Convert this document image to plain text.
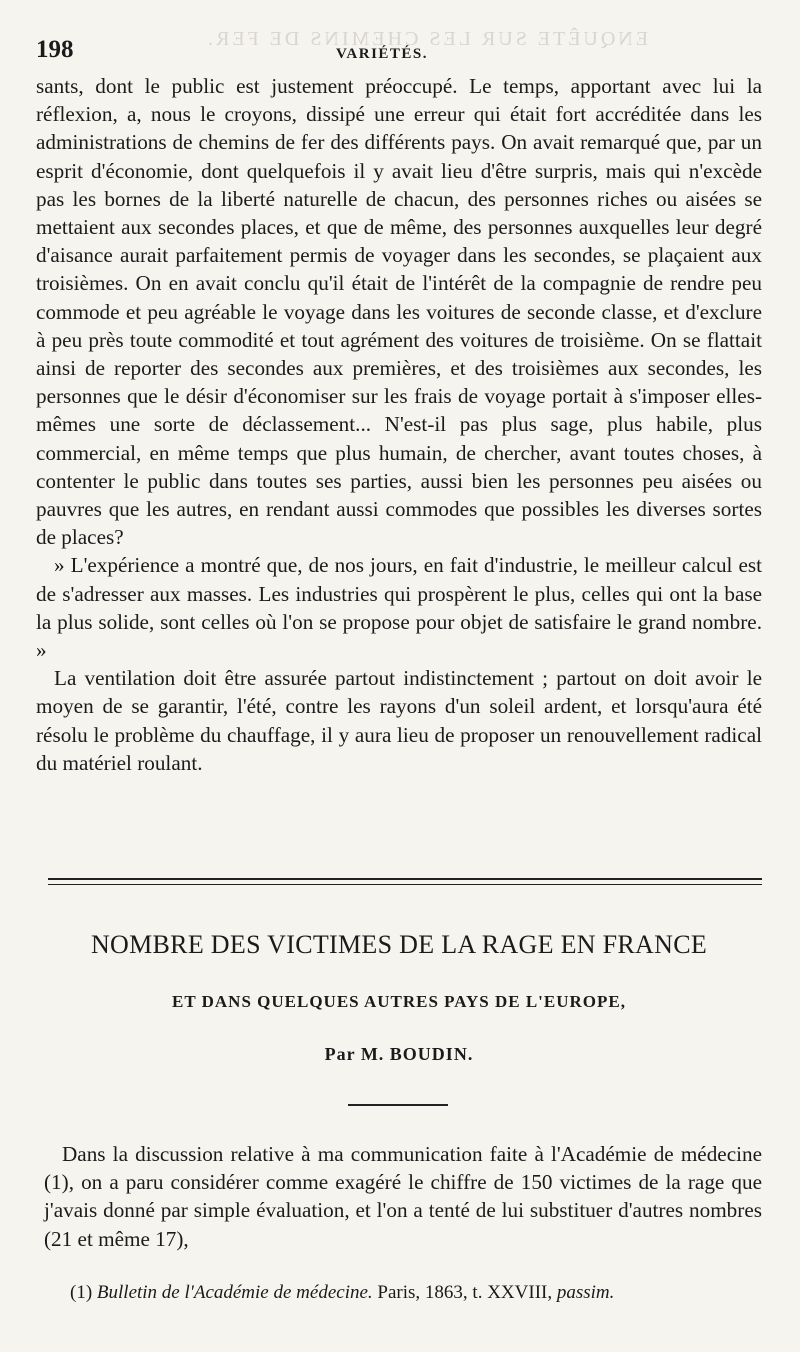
ENQUÊTE SUR LES CHEMINS DE FER.
198	VARIÉTÉS.

sants, dont le public est justement préoccupé. Le temps, apportant avec lui la réflexion, a, nous le croyons, dissipé une erreur qui était fort accréditée dans les administrations de chemins de fer des différents pays. On avait remarqué que, par un esprit d'économie, dont quelquefois il y avait lieu d'être surpris, mais qui n'excède pas les bornes de la liberté naturelle de chacun, des personnes riches ou aisées se mettaient aux secondes places, et que de même, des personnes auxquelles leur degré d'aisance aurait parfaitement permis de voyager dans les secondes, se plaçaient aux troisièmes. On en avait conclu qu'il était de l'intérêt de la compagnie de rendre peu commode et peu agréable le voyage dans les voitures de seconde classe, et d'exclure à peu près toute commodité et tout agrément des voitures de troisième. On se flattait ainsi de reporter des secondes aux premières, et des troisièmes aux secondes, les personnes que le désir d'économiser sur les frais de voyage portait à s'imposer elles-mêmes une sorte de déclassement... N'est-il pas plus sage, plus habile, plus commercial, en même temps que plus humain, de chercher, avant toutes choses, à contenter le public dans toutes ses parties, aussi bien les personnes peu aisées ou pauvres que les autres, en rendant aussi commodes que possibles les diverses sortes de places?

» L'expérience a montré que, de nos jours, en fait d'industrie, le meilleur calcul est de s'adresser aux masses. Les industries qui prospèrent le plus, celles qui ont la base la plus solide, sont celles où l'on se propose pour objet de satisfaire le grand nombre. »

La ventilation doit être assurée partout indistinctement ; partout on doit avoir le moyen de se garantir, l'été, contre les rayons d'un soleil ardent, et lorsqu'aura été résolu le problème du chauffage, il y aura lieu de proposer un renouvellement radical du matériel roulant.

NOMBRE DES VICTIMES DE LA RAGE EN FRANCE
ET DANS QUELQUES AUTRES PAYS DE L'EUROPE,
Par M. BOUDIN.
Dans la discussion relative à ma communication faite à l'Académie de médecine (1), on a paru considérer comme exagéré le chiffre de 150 victimes de la rage que j'avais donné par simple évaluation, et l'on a tenté de lui substituer d'autres nombres (21 et même 17),
(1) Bulletin de l'Académie de médecine. Paris, 1863, t. XXVIII, passim.
